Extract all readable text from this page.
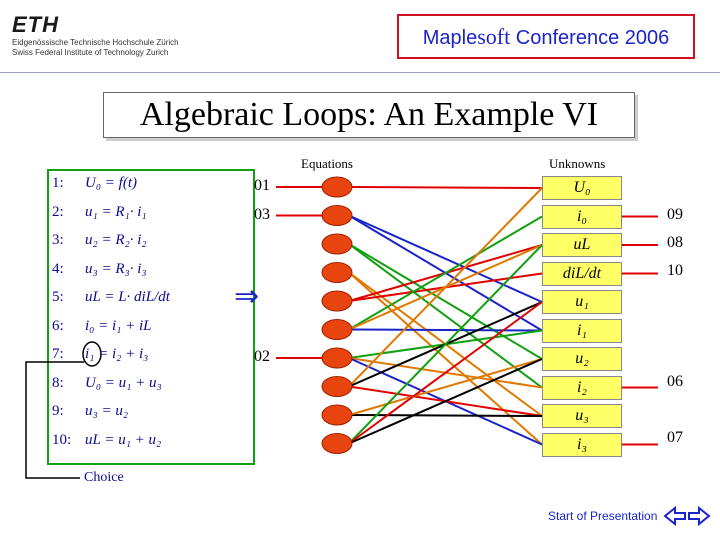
ETH
Eidgenössische Technische Hochschule Zürich
Swiss Federal Institute of Technology Zurich
Maplesoft Conference 2006
Algebraic Loops: An Example VI
Equations	Unknowns
1: U₀ = f(t)
2: u₁ = R₁· i₁
3: u₂ = R₂· i₂
4: u₃ = R₃· i₃
5: uL = L· diL/dt
6: i₀ = i₁ + iL
7: i₁ = i₂ + i₃
8: U₀ = u₁ + u₃
9: u₃ = u₂
10: uL = u₁ + u₂
01
03
02
09
08
10
06
07
⇒
U₀
i₀
uL
diL/dt
u₁
i₁
u₂
i₂
u₃
i₃
Choice
Start of Presentation
